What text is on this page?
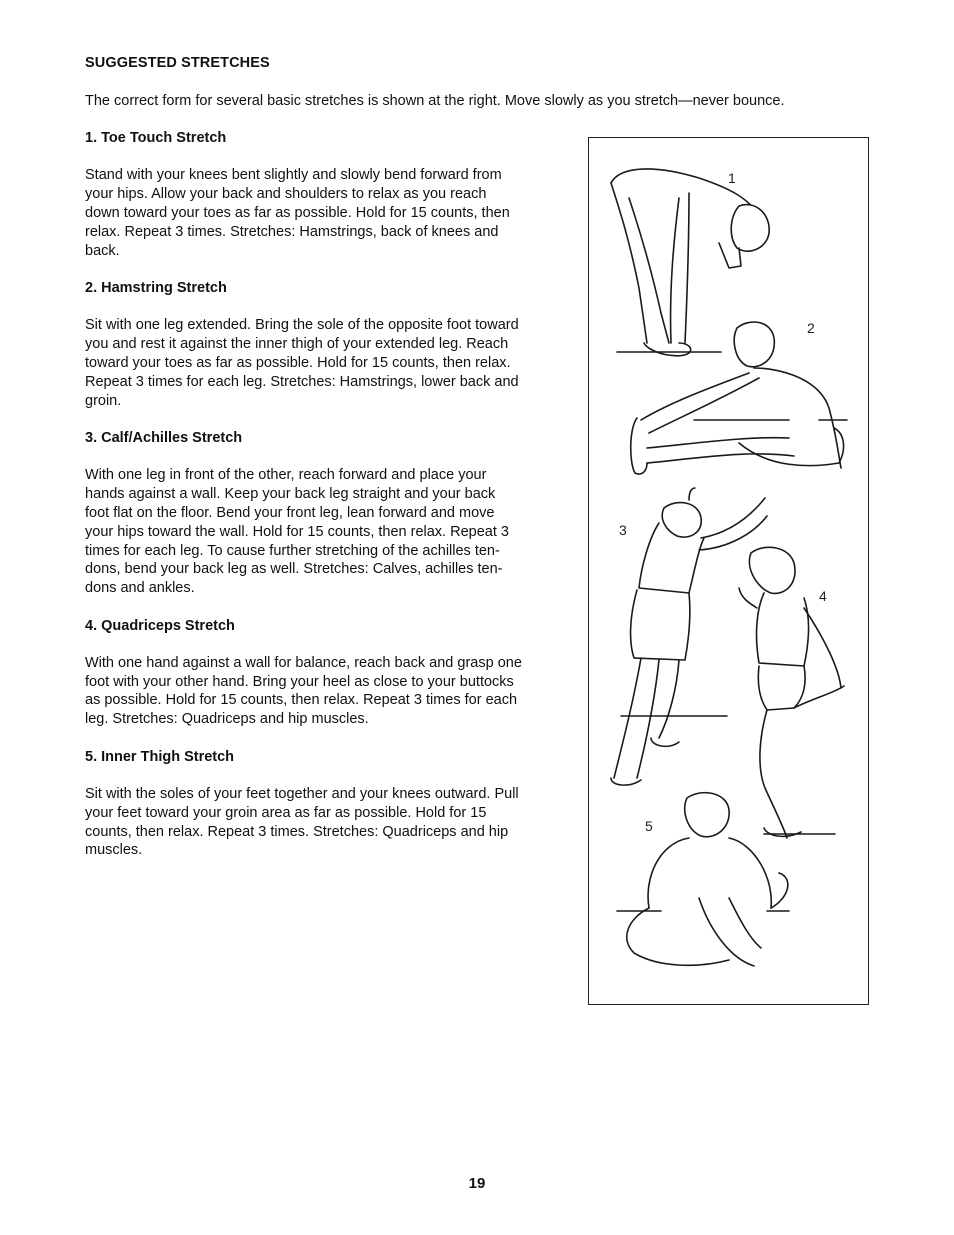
SUGGESTED STRETCHES
The correct form for several basic stretches is shown at the right. Move slowly as you stretch—never bounce.
1. Toe Touch Stretch
Stand with your knees bent slightly and slowly bend forward from
your hips. Allow your back and shoulders to relax as you reach
down toward your toes as far as possible. Hold for 15 counts, then
relax. Repeat 3 times. Stretches: Hamstrings, back of knees and
back.
2. Hamstring Stretch
Sit with one leg extended. Bring the sole of the opposite foot toward
you and rest it against the inner thigh of your extended leg. Reach
toward your toes as far as possible. Hold for 15 counts, then relax.
Repeat 3 times for each leg. Stretches: Hamstrings, lower back and
groin.
3. Calf/Achilles Stretch
With one leg in front of the other, reach forward and place your
hands against a wall. Keep your back leg straight and your back
foot flat on the floor. Bend your front leg, lean forward and move
your hips toward the wall. Hold for 15 counts, then relax. Repeat 3
times for each leg. To cause further stretching of the achilles ten-
dons, bend your back leg as well. Stretches: Calves, achilles ten-
dons and ankles.
4. Quadriceps Stretch
With one hand against a wall for balance, reach back and grasp one
foot with your other hand. Bring your heel as close to your buttocks
as possible. Hold for 15 counts, then relax. Repeat 3 times for each
leg. Stretches: Quadriceps and hip muscles.
5. Inner Thigh Stretch
Sit with the soles of your feet together and your knees outward. Pull
your feet toward your groin area as far as possible. Hold for 15
counts, then relax. Repeat 3 times. Stretches: Quadriceps and hip
muscles.
1
2
3
4
5
19
